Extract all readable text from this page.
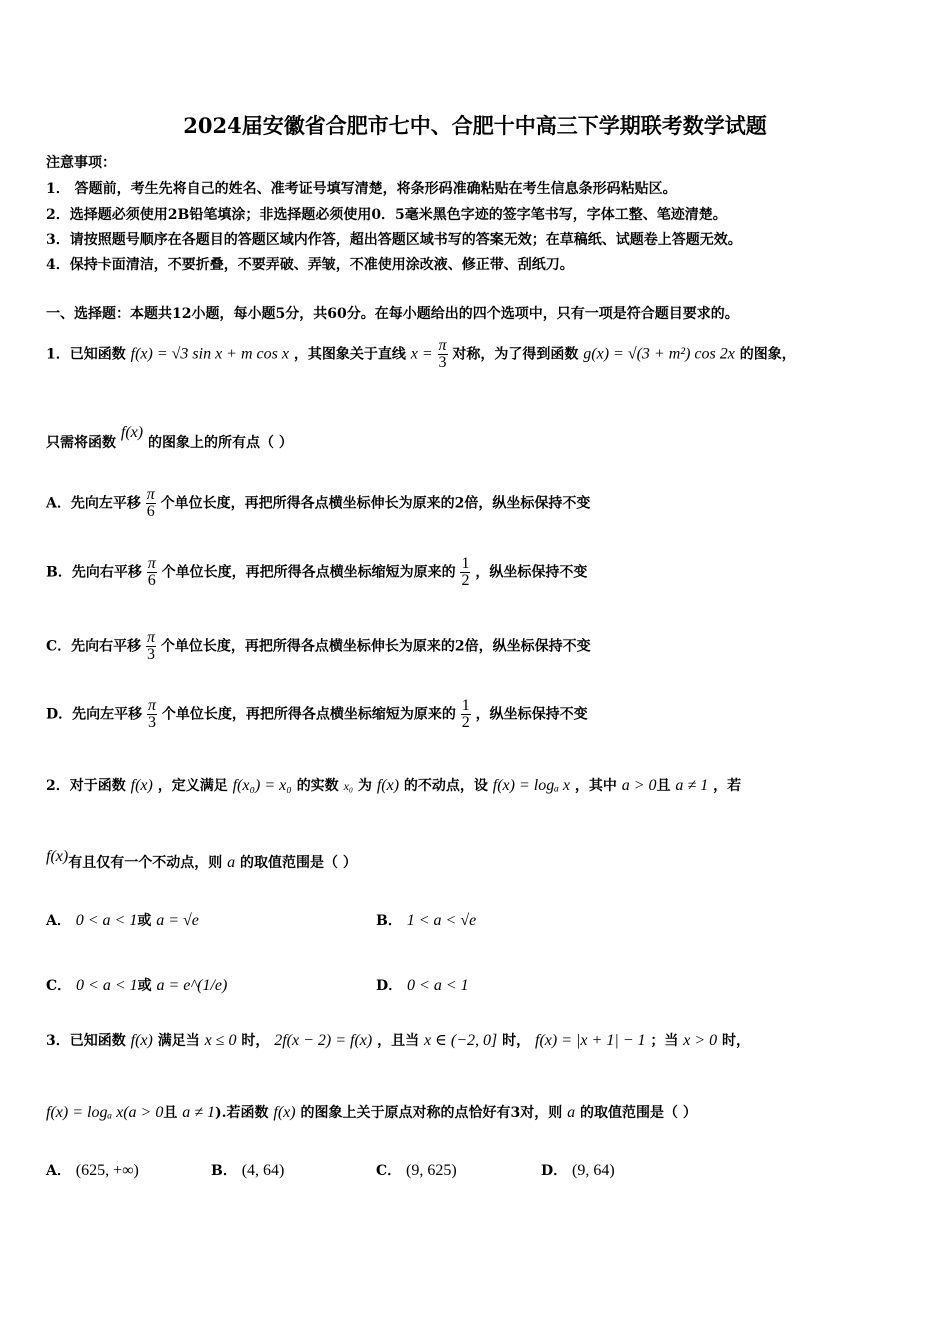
2024届安徽省合肥市七中、合肥十中高三下学期联考数学试题
注意事项：
1． 答题前，考生先将自己的姓名、准考证号填写清楚，将条形码准确粘贴在考生信息条形码粘贴区。
2．选择题必须使用2B铅笔填涂；非选择题必须使用0．5毫米黑色字迹的签字笔书写，字体工整、笔迹清楚。
3．请按照题号顺序在各题目的答题区域内作答，超出答题区域书写的答案无效；在草稿纸、试题卷上答题无效。
4．保持卡面清洁，不要折叠，不要弄破、弄皱，不准使用涂改液、修正带、刮纸刀。
一、选择题：本题共12小题，每小题5分，共60分。在每小题给出的四个选项中，只有一项是符合题目要求的。
1．已知函数 f(x) = √3 sin x + m cos x ，其图象关于直线 $x = \frac{\pi}{3}$ 对称，为了得到函数 g(x) = √(3 + m²) cos 2x 的图象，
只需将函数 f(x) 的图象上的所有点（ ）
A．先向左平移 $\frac{\pi}{6}$ 个单位长度，再把所得各点横坐标伸长为原来的2倍，纵坐标保持不变
B．先向右平移 $\frac{\pi}{6}$ 个单位长度，再把所得各点横坐标缩短为原来的 $\frac{1}{2}$ ，纵坐标保持不变
C．先向右平移 $\frac{\pi}{3}$ 个单位长度，再把所得各点横坐标伸长为原来的2倍，纵坐标保持不变
D．先向左平移 $\frac{\pi}{3}$ 个单位长度，再把所得各点横坐标缩短为原来的 $\frac{1}{2}$ ，纵坐标保持不变
2．对于函数 f(x) ，定义满足 f(x₀) = x₀ 的实数 x₀ 为 f(x) 的不动点，设 f(x) = logₐ x ，其中 a > 0且 a ≠ 1 ，若
f(x)有且仅有一个不动点，则 a 的取值范围是（ ）
A． 0 < a < 1或 a = √e	B． 1 < a < √e
C． 0 < a < 1或 a = e^(1/e)	D． 0 < a < 1
3．已知函数 f(x) 满足当 x ≤ 0 时， 2f(x − 2) = f(x) ，且当 x ∈ (−2, 0] 时， f(x) = |x + 1| − 1 ；当 x > 0 时，
f(x) = logₐ x(a > 0且 a ≠ 1).若函数 f(x) 的图象上关于原点对称的点恰好有3对，则 a 的取值范围是（ ）
A． (625, +∞)	B． (4, 64)	C． (9, 625)	D． (9, 64)
